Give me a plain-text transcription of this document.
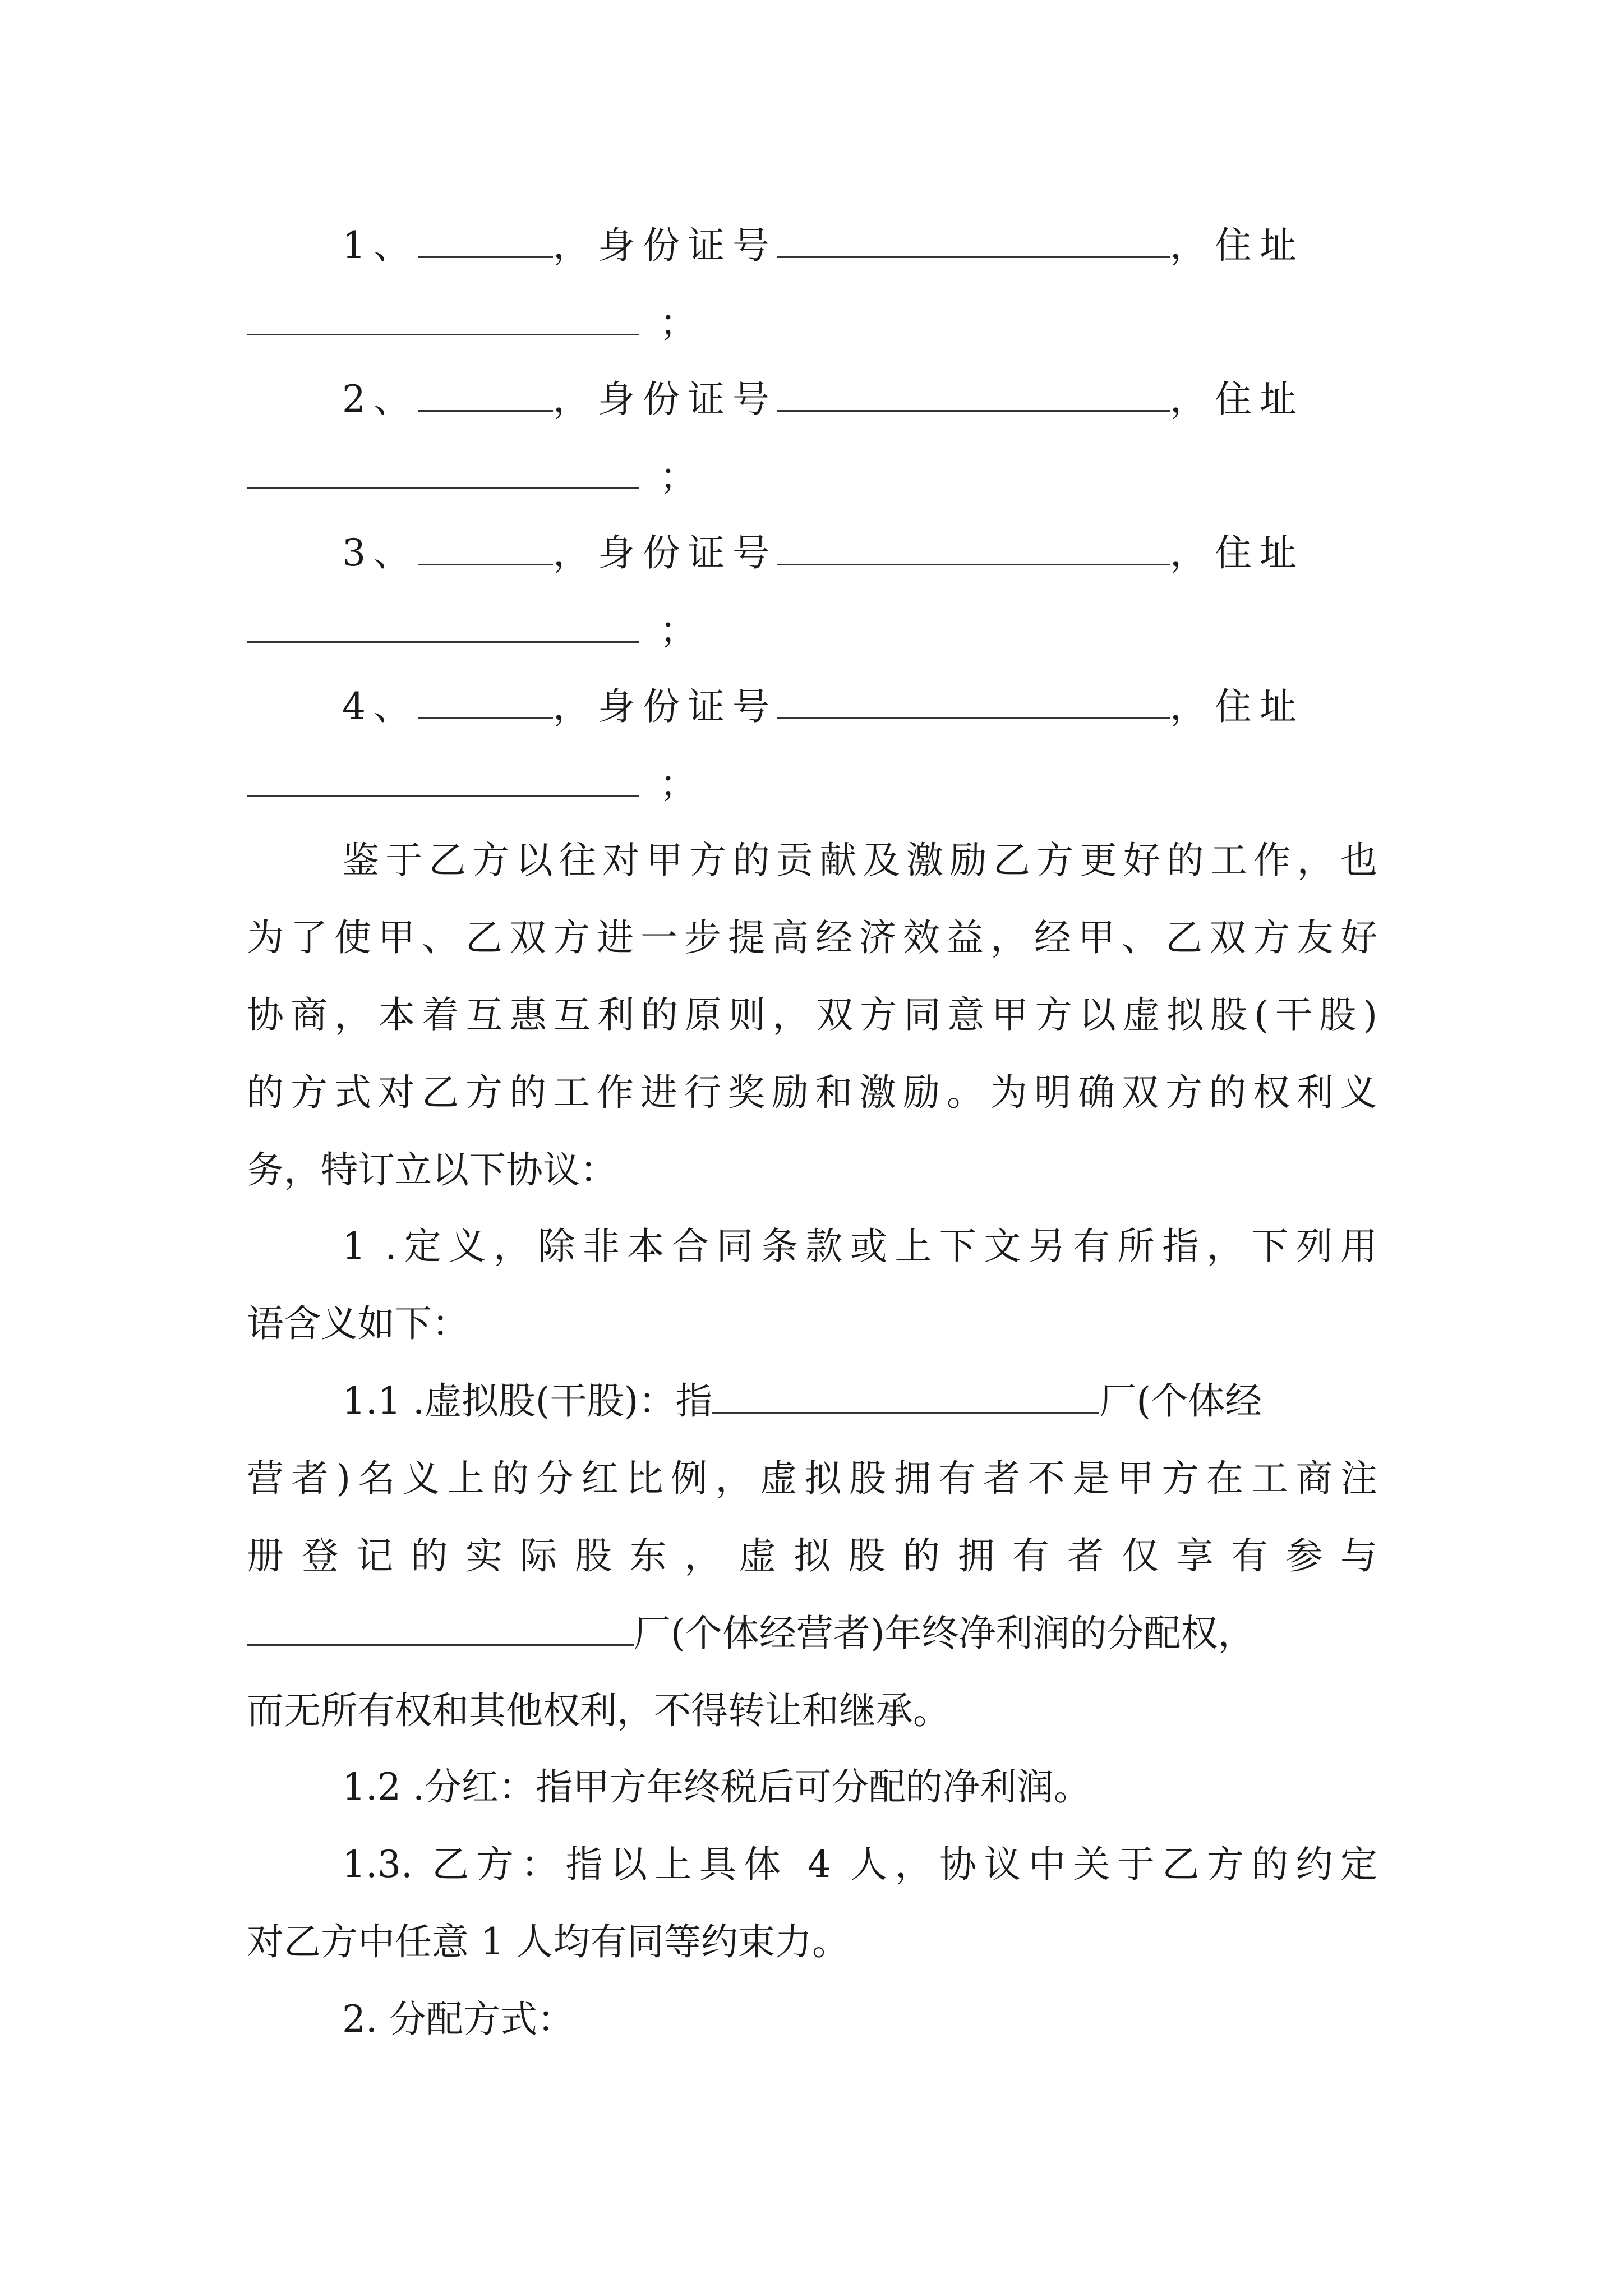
1、	，身份证号	，住址
；
2、	，身份证号	，住址
；
3、	，身份证号	，住址
；
4、	，身份证号	，住址
；
鉴于乙方以往对甲方的贡献及激励乙方更好的工作，也
为了使甲、乙双方进一步提高经济效益，经甲、乙双方友好
协商，本着互惠互利的原则，双方同意甲方以虚拟股(干股)
的方式对乙方的工作进行奖励和激励。为明确双方的权利义
务，特订立以下协议：
1 .定义，除非本合同条款或上下文另有所指，下列用
语含义如下：
1.1 .虚拟股(干股)：指	厂(个体经
营者)名义上的分红比例，虚拟股拥有者不是甲方在工商注
册登记的实际股东，虚拟股的拥有者仅享有参与
厂(个体经营者)年终净利润的分配权，
而无所有权和其他权利，不得转让和继承。
1.2 .分红：指甲方年终税后可分配的净利润。
1.3. 乙方：指以上具体 4 人，协议中关于乙方的约定
对乙方中任意 1 人均有同等约束力。
2. 分配方式：
